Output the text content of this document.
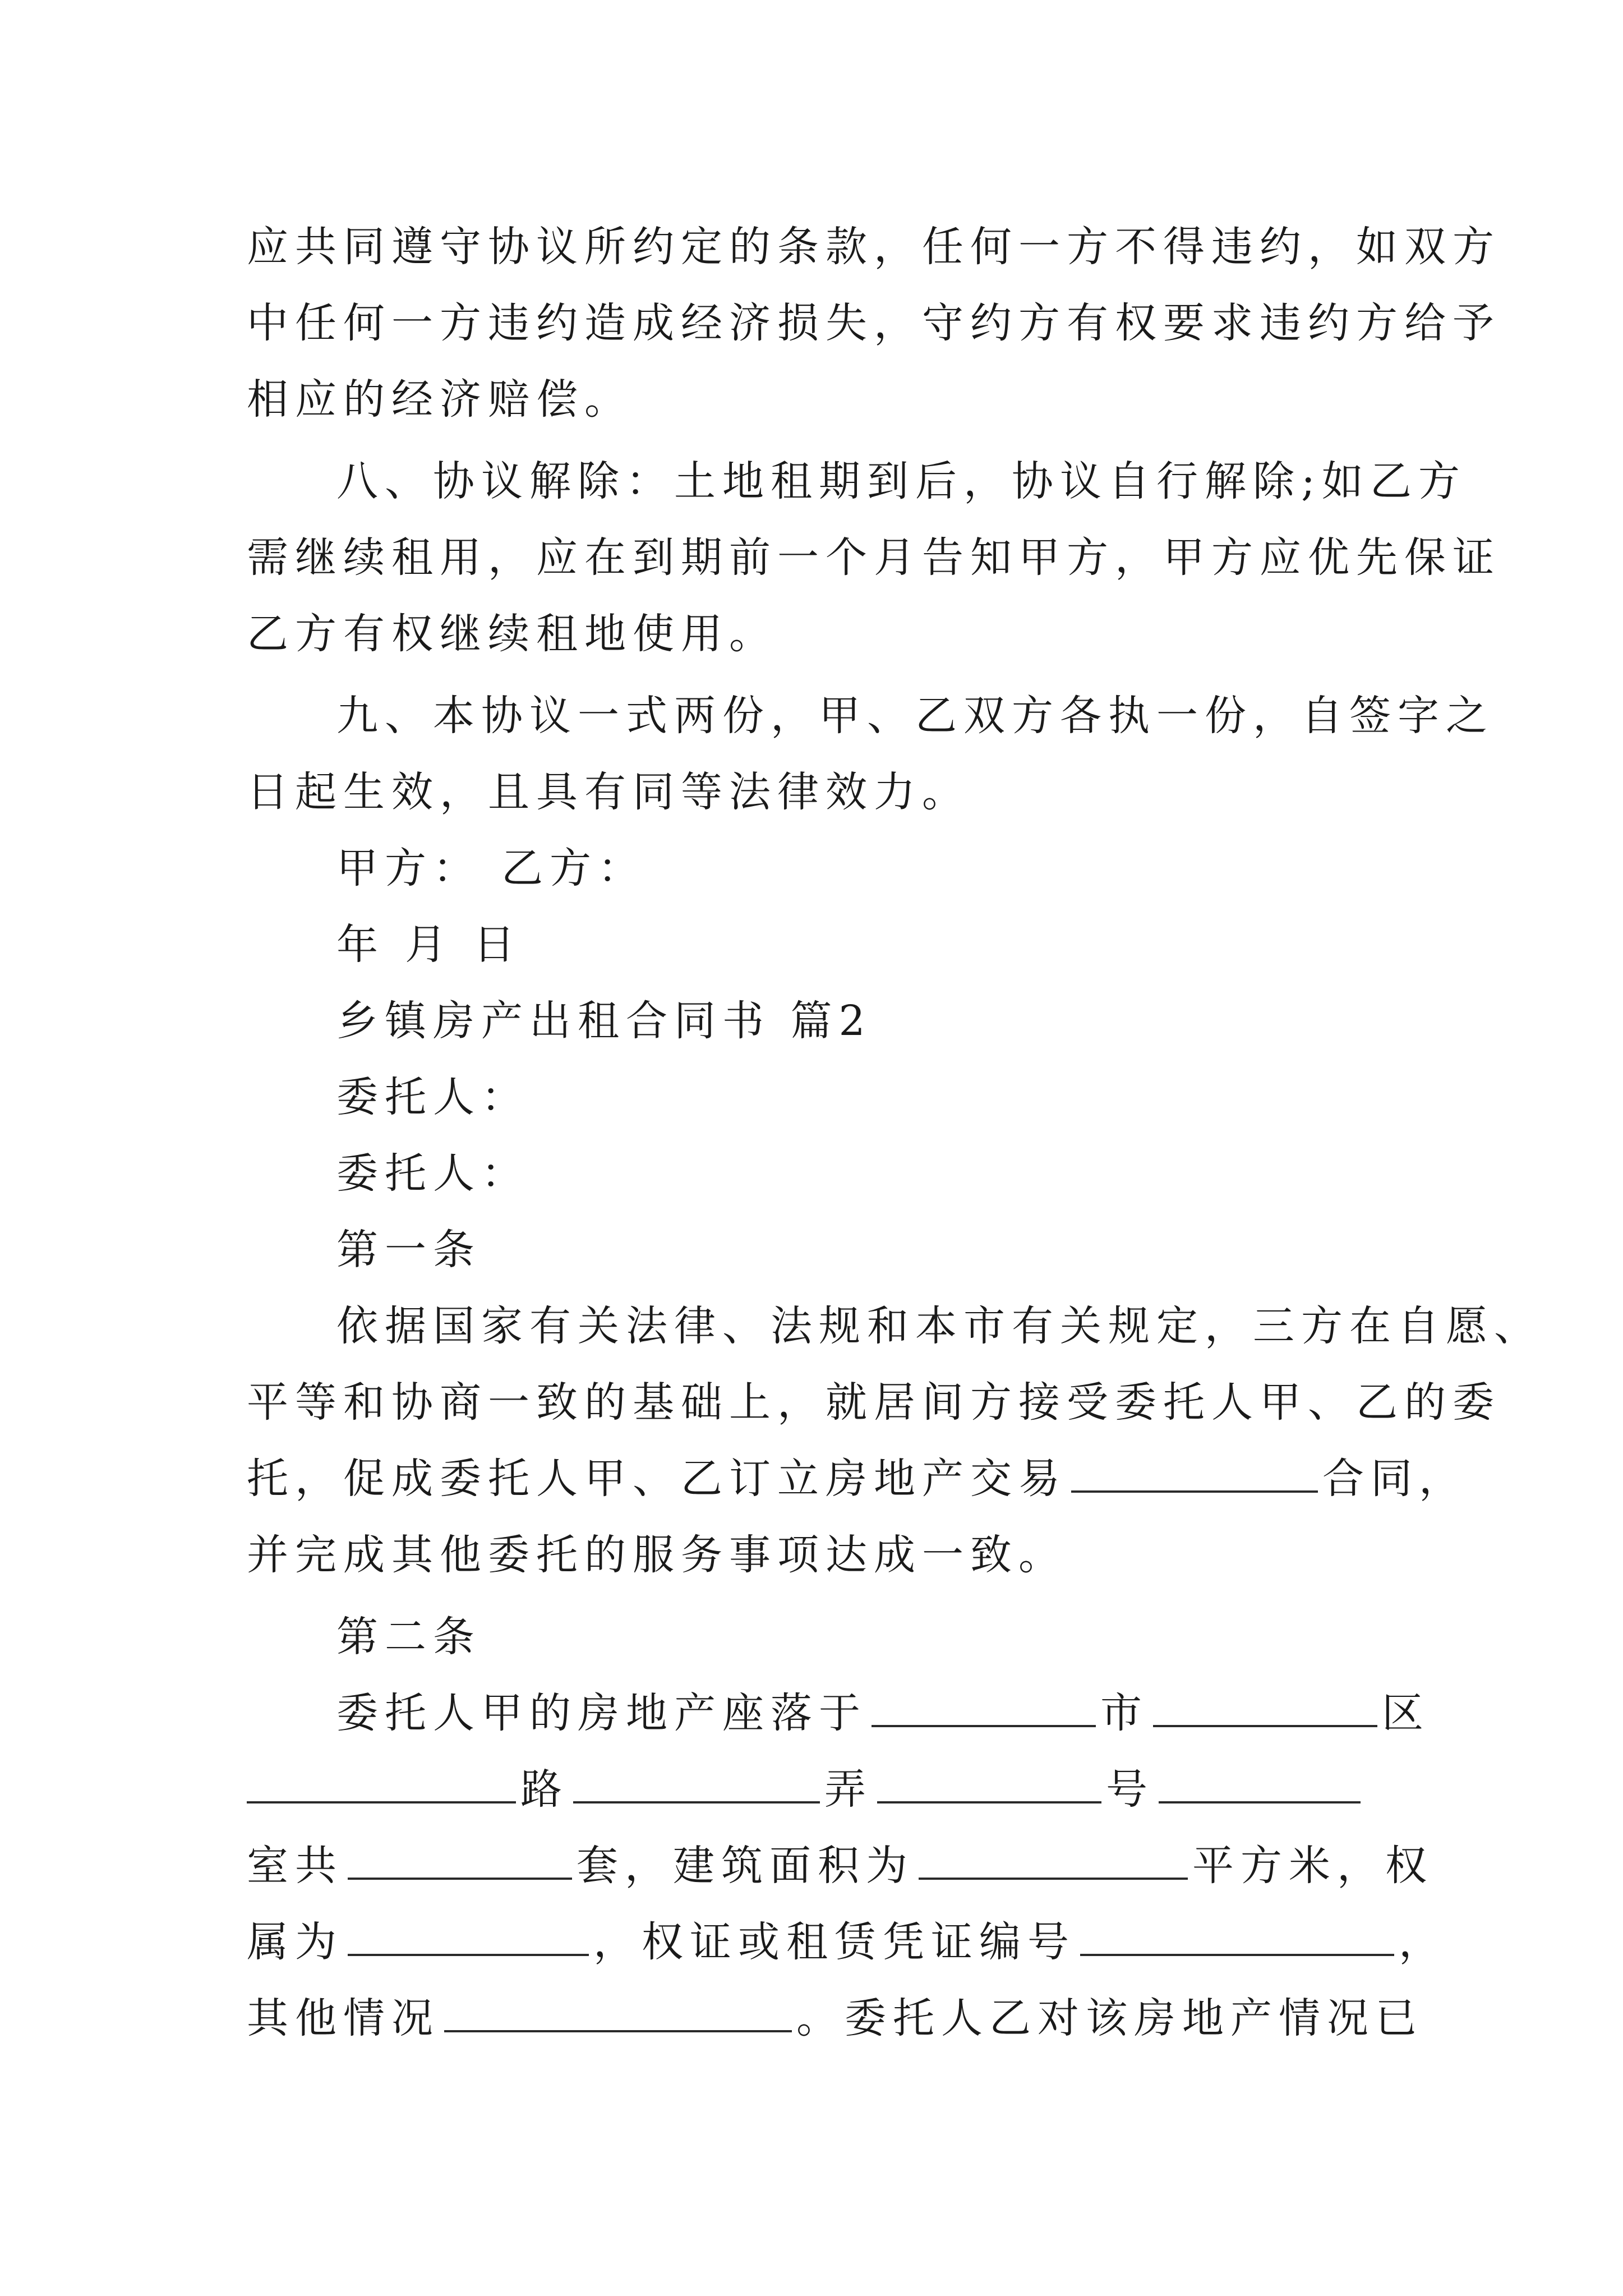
应共同遵守协议所约定的条款，任何一方不得违约，如双方
中任何一方违约造成经济损失，守约方有权要求违约方给予
相应的经济赔偿。
八、协议解除：土地租期到后，协议自行解除;如乙方
需继续租用，应在到期前一个月告知甲方，甲方应优先保证
乙方有权继续租地使用。
九、本协议一式两份，甲、乙双方各执一份，自签字之
日起生效，且具有同等法律效力。
甲方： 乙方：
年 月 日
乡镇房产出租合同书 篇2
委托人：
委托人：
第一条
依据国家有关法律、法规和本市有关规定，三方在自愿、
平等和协商一致的基础上，就居间方接受委托人甲、乙的委
托，促成委托人甲、乙订立房地产交易	合同，
并完成其他委托的服务事项达成一致。
第二条
委托人甲的房地产座落于	市	区
路	弄	号
室共	套，建筑面积为	平方米，权
属为	，权证或租赁凭证编号	，
其他情况	。委托人乙对该房地产情况已
